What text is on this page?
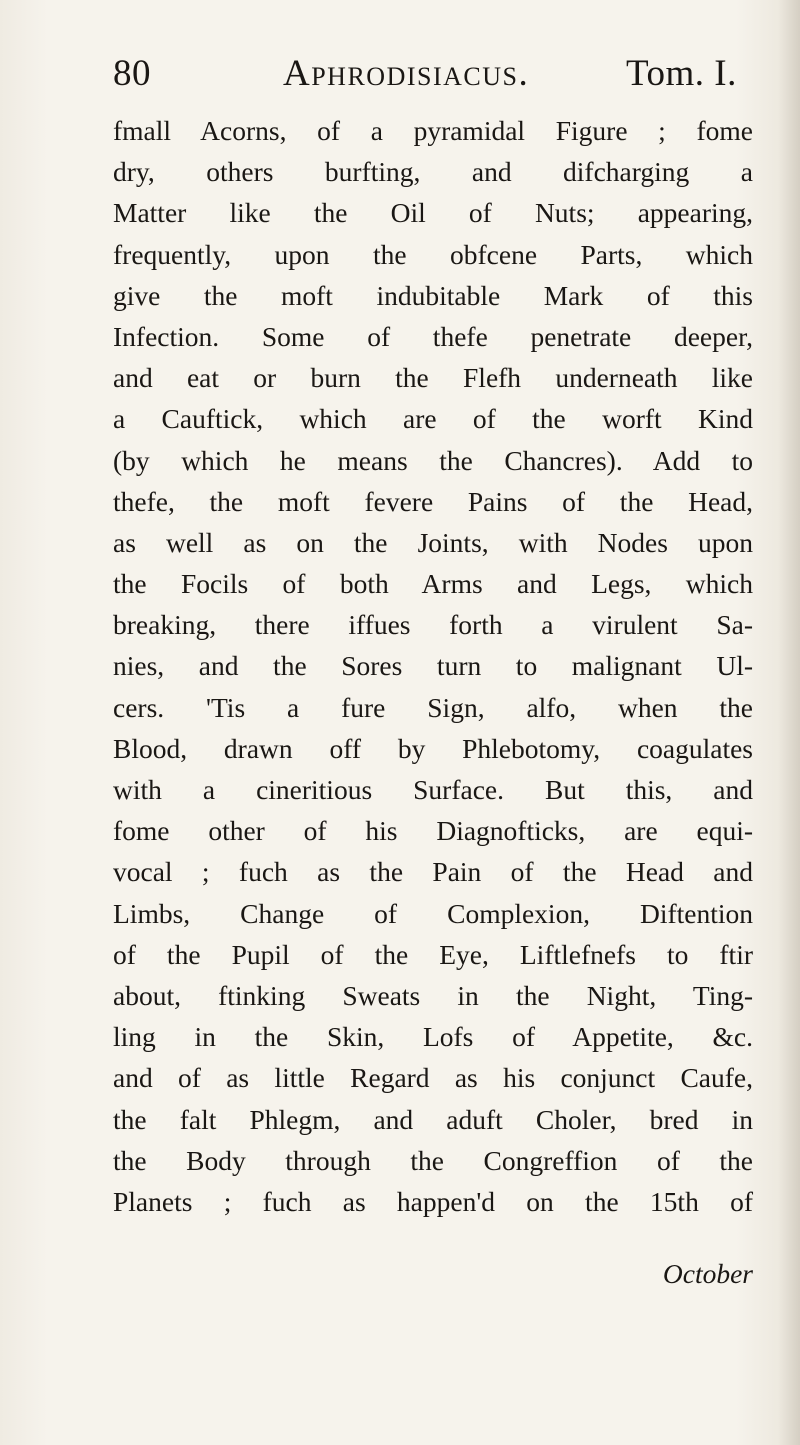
80	Aphrodisiacus.	Tom. I.
fmall Acorns, of a pyramidal Figure ; fome
dry, others burfting, and difcharging a
Matter like the Oil of Nuts; appearing,
frequently, upon the obfcene Parts, which
give the moft indubitable Mark of this
Infection. Some of thefe penetrate deeper,
and eat or burn the Flefh underneath like
a Cauftick, which are of the worft Kind
(by which he means the Chancres). Add to
thefe, the moft fevere Pains of the Head,
as well as on the Joints, with Nodes upon
the Focils of both Arms and Legs, which
breaking, there iffues forth a virulent Sa-
nies, and the Sores turn to malignant Ul-
cers. 'Tis a fure Sign, alfo, when the
Blood, drawn off by Phlebotomy, coagulates
with a cineritious Surface. But this, and
fome other of his Diagnofticks, are equi-
vocal ; fuch as the Pain of the Head and
Limbs, Change of Complexion, Diftention
of the Pupil of the Eye, Liftlefnefs to ftir
about, ftinking Sweats in the Night, Ting-
ling in the Skin, Lofs of Appetite, &c.
and of as little Regard as his conjunct Caufe,
the falt Phlegm, and aduft Choler, bred in
the Body through the Congreffion of the
Planets ; fuch as happen'd on the 15th of
October
